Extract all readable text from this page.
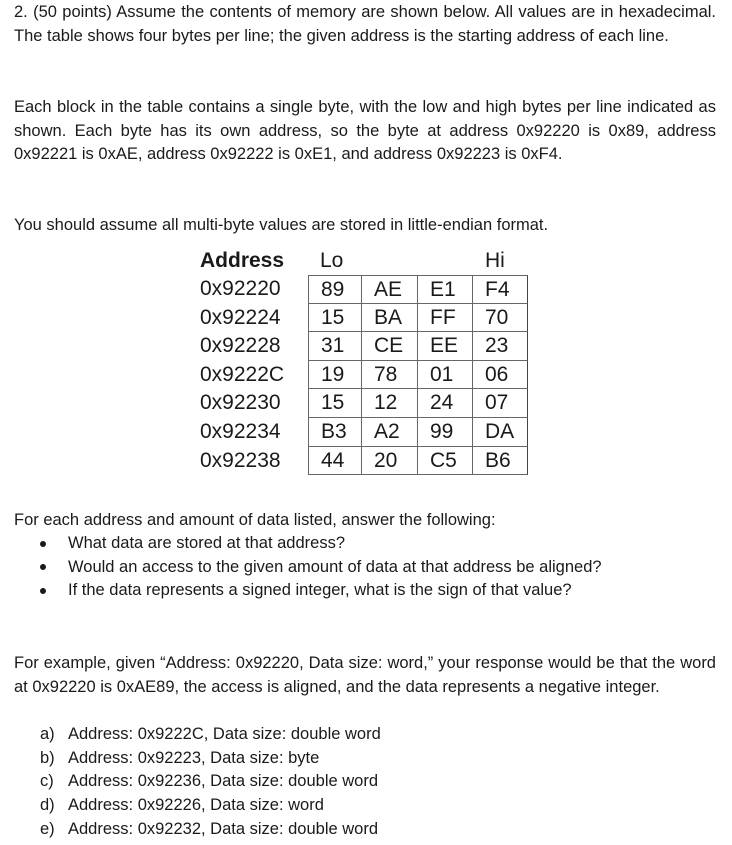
2. (50 points) Assume the contents of memory are shown below. All values are in hexadecimal. The table shows four bytes per line; the given address is the starting address of each line.

Each block in the table contains a single byte, with the low and high bytes per line indicated as shown. Each byte has its own address, so the byte at address 0x92220 is 0x89, address 0x92221 is 0xAE, address 0x92222 is 0xE1, and address 0x92223 is 0xF4.

You should assume all multi-byte values are stored in little-endian format.

Address Lo	Hi
0x92220	89	AE	E1	F4
0x92224	15	BA	FF	70
0x92228	31	CE	EE	23
0x9222C	19	78	01	06
0x92230	15	12	24	07
0x92234	B3	A2	99	DA
0x92238	44	20	C5	B6

For each address and amount of data listed, answer the following:

What data are stored at that address?
Would an access to the given amount of data at that address be aligned?
If the data represents a signed integer, what is the sign of that value?

For example, given “Address: 0x92220, Data size: word,” your response would be that the word at 0x92220 is 0xAE89, the access is aligned, and the data represents a negative integer.

a) Address: 0x9222C, Data size: double word
b) Address: 0x92223, Data size: byte
c) Address: 0x92236, Data size: double word
d) Address: 0x92226, Data size: word
e) Address: 0x92232, Data size: double word
